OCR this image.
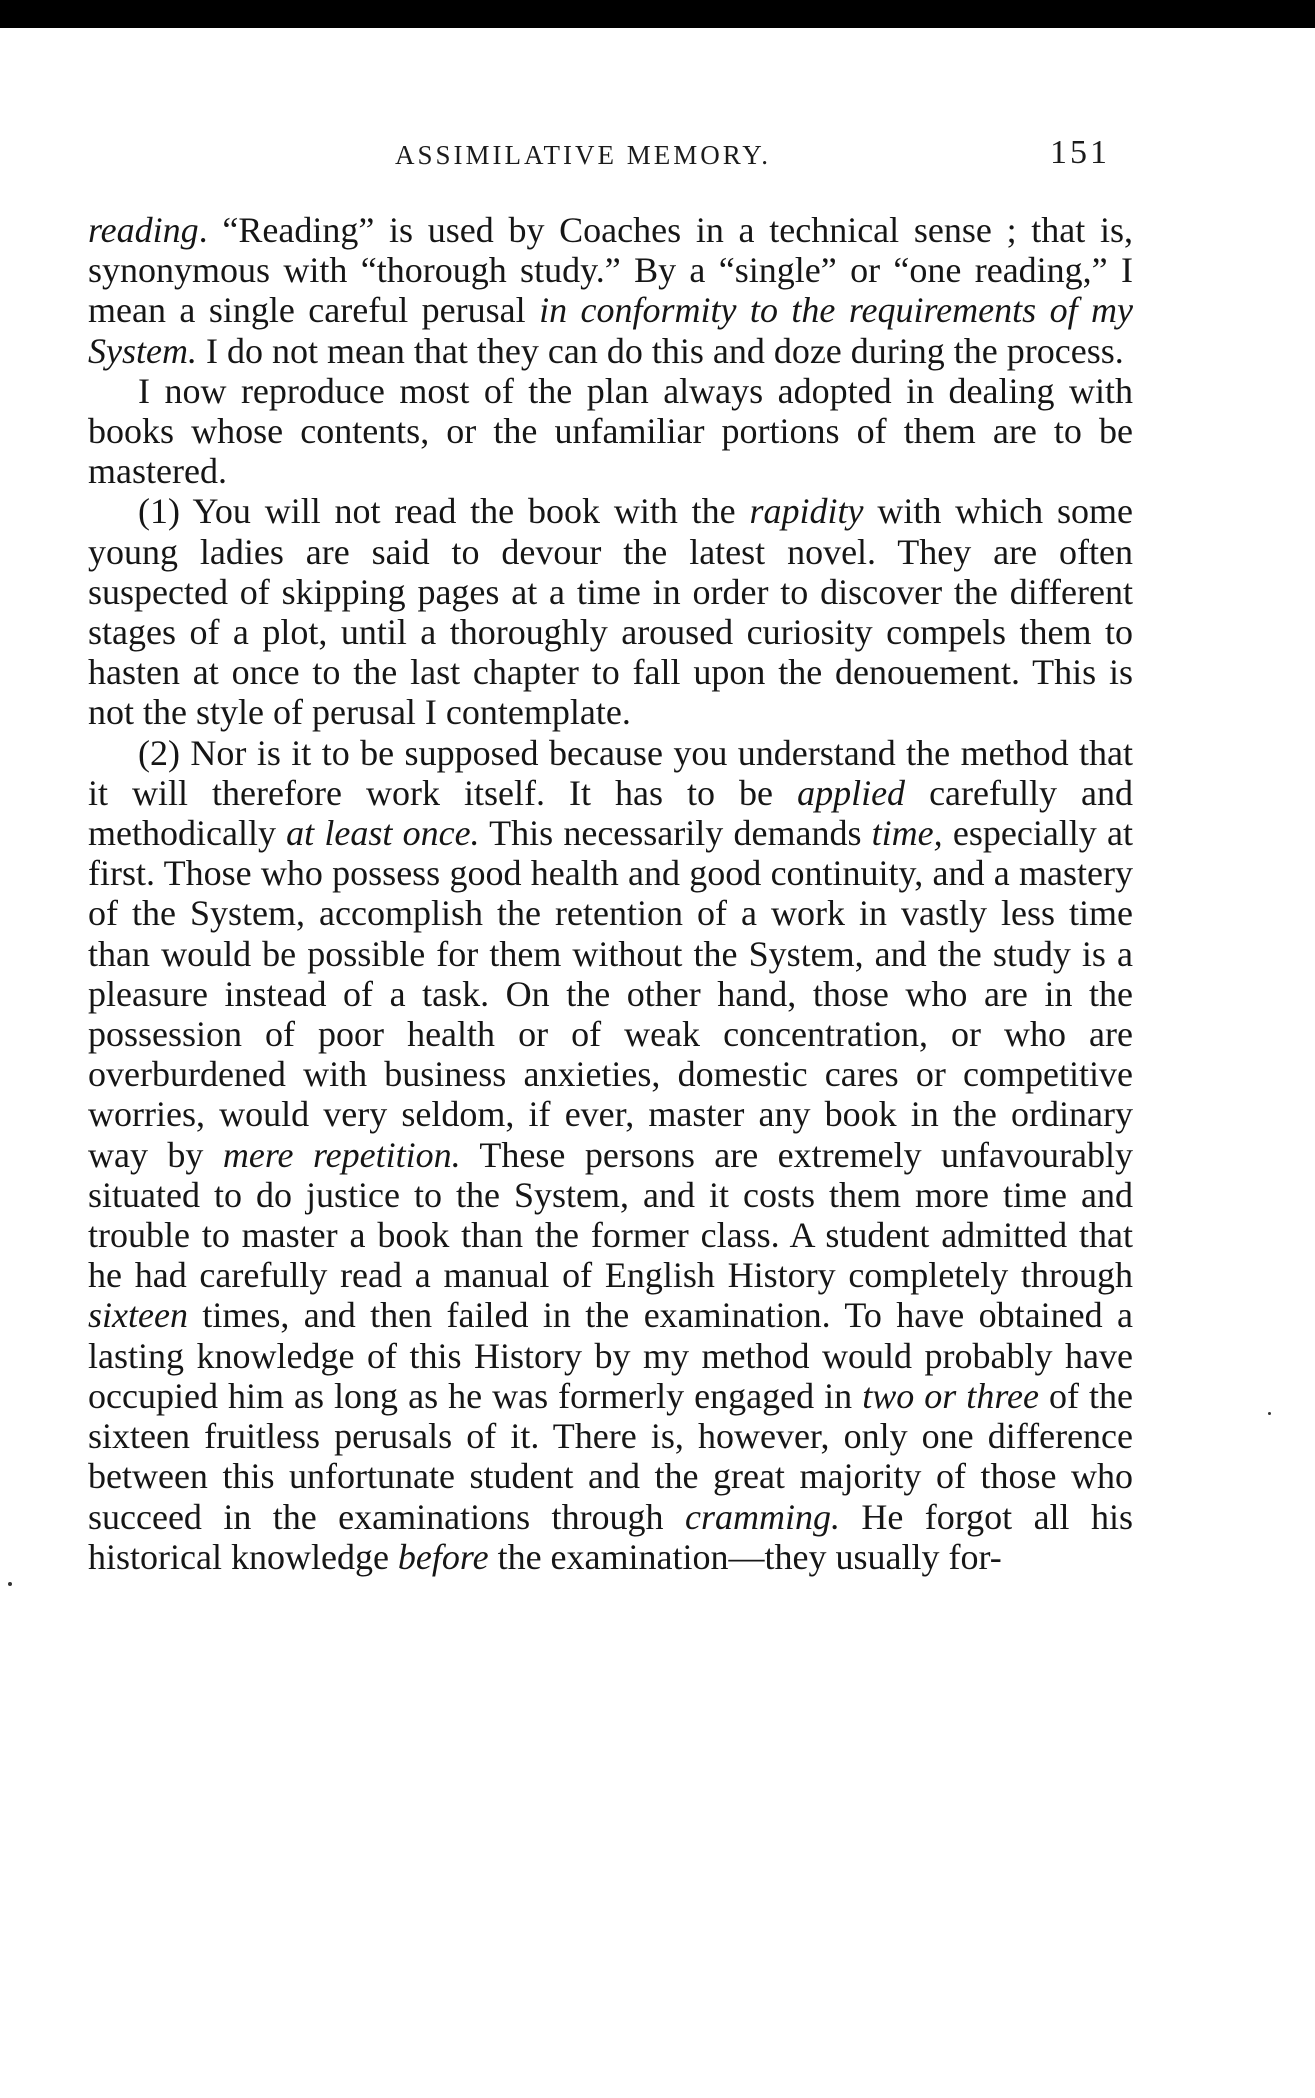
ASSIMILATIVE MEMORY.	151

reading. “Reading” is used by Coaches in a technical sense ; that is, synonymous with “thorough study.” By a “single” or “one reading,” I mean a single careful perusal in conformity to the requirements of my System. I do not mean that they can do this and doze during the process.

I now reproduce most of the plan always adopted in dealing with books whose contents, or the unfamiliar portions of them are to be mastered.

(1) You will not read the book with the rapidity with which some young ladies are said to devour the latest novel. They are often suspected of skipping pages at a time in order to discover the different stages of a plot, until a thoroughly aroused curiosity compels them to hasten at once to the last chapter to fall upon the denouement. This is not the style of perusal I contemplate.

(2) Nor is it to be supposed because you understand the method that it will therefore work itself. It has to be applied carefully and methodically at least once. This necessarily demands time, especially at first. Those who possess good health and good continuity, and a mastery of the System, accomplish the retention of a work in vastly less time than would be possible for them without the System, and the study is a pleasure instead of a task. On the other hand, those who are in the possession of poor health or of weak concentration, or who are overburdened with business anxieties, domestic cares or competitive worries, would very seldom, if ever, master any book in the ordinary way by mere repetition. These persons are extremely unfavourably situated to do justice to the System, and it costs them more time and trouble to master a book than the former class. A student admitted that he had carefully read a manual of English History completely through sixteen times, and then failed in the examination. To have obtained a lasting knowledge of this History by my method would probably have occupied him as long as he was formerly engaged in two or three of the sixteen fruitless perusals of it. There is, however, only one difference between this unfortunate student and the great majority of those who succeed in the examinations through cramming. He forgot all his historical knowledge before the examination—they usually for-
